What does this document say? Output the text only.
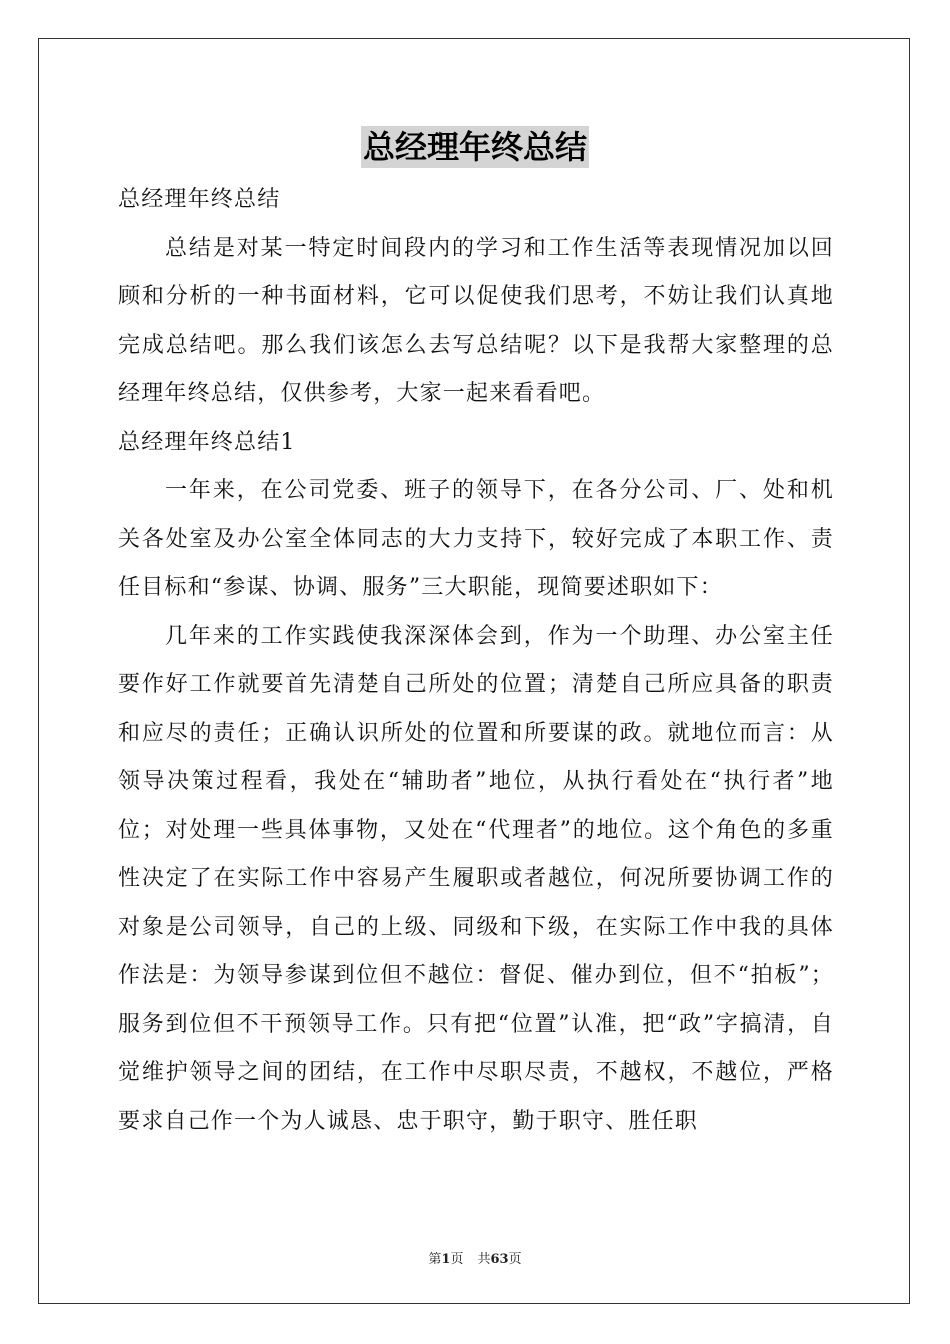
总经理年终总结

总经理年终总结

总结是对某一特定时间段内的学习和工作生活等表现情况加以回顾和分析的一种书面材料，它可以促使我们思考，不妨让我们认真地完成总结吧。那么我们该怎么去写总结呢？以下是我帮大家整理的总经理年终总结，仅供参考，大家一起来看看吧。

总经理年终总结1

一年来，在公司党委、班子的领导下，在各分公司、厂、处和机关各处室及办公室全体同志的大力支持下，较好完成了本职工作、责任目标和“参谋、协调、服务”三大职能，现简要述职如下：

几年来的工作实践使我深深体会到，作为一个助理、办公室主任要作好工作就要首先清楚自己所处的位置；清楚自己所应具备的职责和应尽的责任；正确认识所处的位置和所要谋的政。就地位而言：从领导决策过程看，我处在“辅助者”地位，从执行看处在“执行者”地位；对处理一些具体事物，又处在“代理者”的地位。这个角色的多重性决定了在实际工作中容易产生履职或者越位，何况所要协调工作的对象是公司领导，自己的上级、同级和下级，在实际工作中我的具体作法是：为领导参谋到位但不越位：督促、催办到位，但不“拍板”；服务到位但不干预领导工作。只有把“位置”认准，把“政”字搞清，自觉维护领导之间的团结，在工作中尽职尽责，不越权，不越位，严格要求自己作一个为人诚恳、忠于职守，勤于职守、胜任职

第1页 共63页
